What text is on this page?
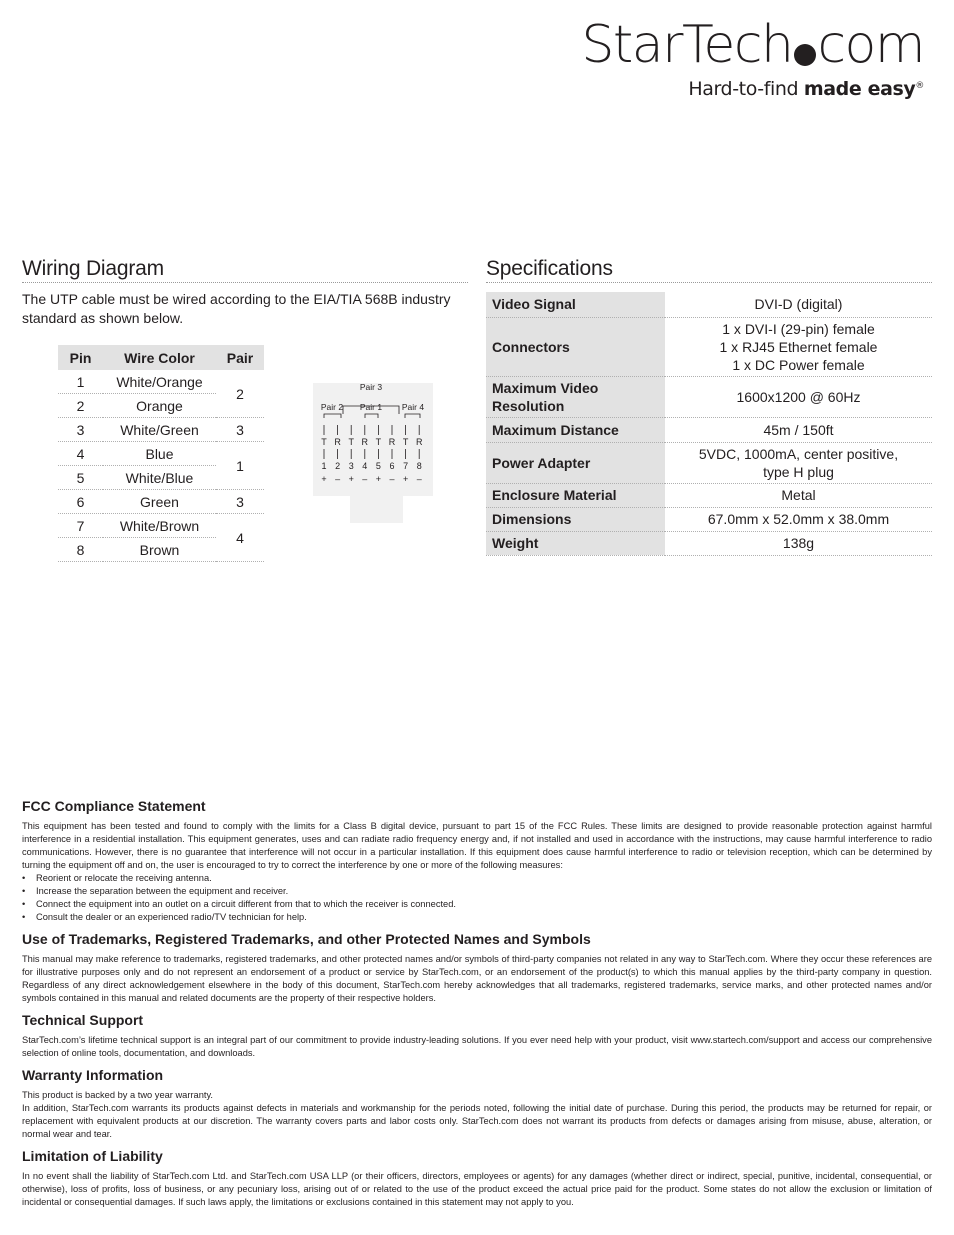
StarTech com
Hard-to-find made easy®
Wiring Diagram
The UTP cable must be wired according to the EIA/TIA 568B industry standard as shown below.
Pin	Wire Color	Pair
1	White/Orange	2
2	Orange	
3	White/Green	3
4	Blue	1
5	White/Blue	
6	Green	3
7	White/Brown	4
8	Brown	
Pair 3
Pair 2 Pair 1 Pair 4
T
1
+
R
2
–
T
3
+
R
4
–
T
5
+
R
6
–
T
7
+
R
8
–
Specifications
Video Signal	DVI-D (digital)
Connectors	1 x DVI-I (29-pin) female
1 x RJ45 Ethernet female
1 x DC Power female

Maximum Video Resolution	1600x1200 @ 60Hz
Maximum Distance	45m / 150ft
Power Adapter	5VDC, 1000mA, center positive,
type H plug

Enclosure Material	Metal
Dimensions	67.0mm x 52.0mm x 38.0mm
Weight	138g
FCC Compliance Statement

This equipment has been tested and found to comply with the limits for a Class B digital device, pursuant to part 15 of the FCC Rules. These limits are designed to provide reasonable protection against harmful interference in a residential installation. This equipment generates, uses and can radiate radio frequency energy and, if not installed and used in accordance with the instructions, may cause harmful interference to radio communications. However, there is no guarantee that interference will not occur in a particular installation. If this equipment does cause harmful interference to radio or television reception, which can be determined by turning the equipment off and on, the user is encouraged to try to correct the interference by one or more of the following measures:

• Reorient or relocate the receiving antenna.
• Increase the separation between the equipment and receiver.
• Connect the equipment into an outlet on a circuit different from that to which the receiver is connected.
• Consult the dealer or an experienced radio/TV technician for help.
Use of Trademarks, Registered Trademarks, and other Protected Names and Symbols

This manual may make reference to trademarks, registered trademarks, and other protected names and/or symbols of third-party companies not related in any way to StarTech.com. Where they occur these references are for illustrative purposes only and do not represent an endorsement of a product or service by StarTech.com, or an endorsement of the product(s) to which this manual applies by the third-party company in question. Regardless of any direct acknowledgement elsewhere in the body of this document, StarTech.com hereby acknowledges that all trademarks, registered trademarks, service marks, and other protected names and/or symbols contained in this manual and related documents are the property of their respective holders.

Technical Support

StarTech.com’s lifetime technical support is an integral part of our commitment to provide industry-leading solutions. If you ever need help with your product, visit www.startech.com/support and access our comprehensive selection of online tools, documentation, and downloads.

Warranty Information

This product is backed by a two year warranty.

In addition, StarTech.com warrants its products against defects in materials and workmanship for the periods noted, following the initial date of purchase. During this period, the products may be returned for repair, or replacement with equivalent products at our discretion. The warranty covers parts and labor costs only. StarTech.com does not warrant its products from defects or damages arising from misuse, abuse, alteration, or normal wear and tear.

Limitation of Liability

In no event shall the liability of StarTech.com Ltd. and StarTech.com USA LLP (or their officers, directors, employees or agents) for any damages (whether direct or indirect, special, punitive, incidental, consequential, or otherwise), loss of profits, loss of business, or any pecuniary loss, arising out of or related to the use of the product exceed the actual price paid for the product. Some states do not allow the exclusion or limitation of incidental or consequential damages. If such laws apply, the limitations or exclusions contained in this statement may not apply to you.
